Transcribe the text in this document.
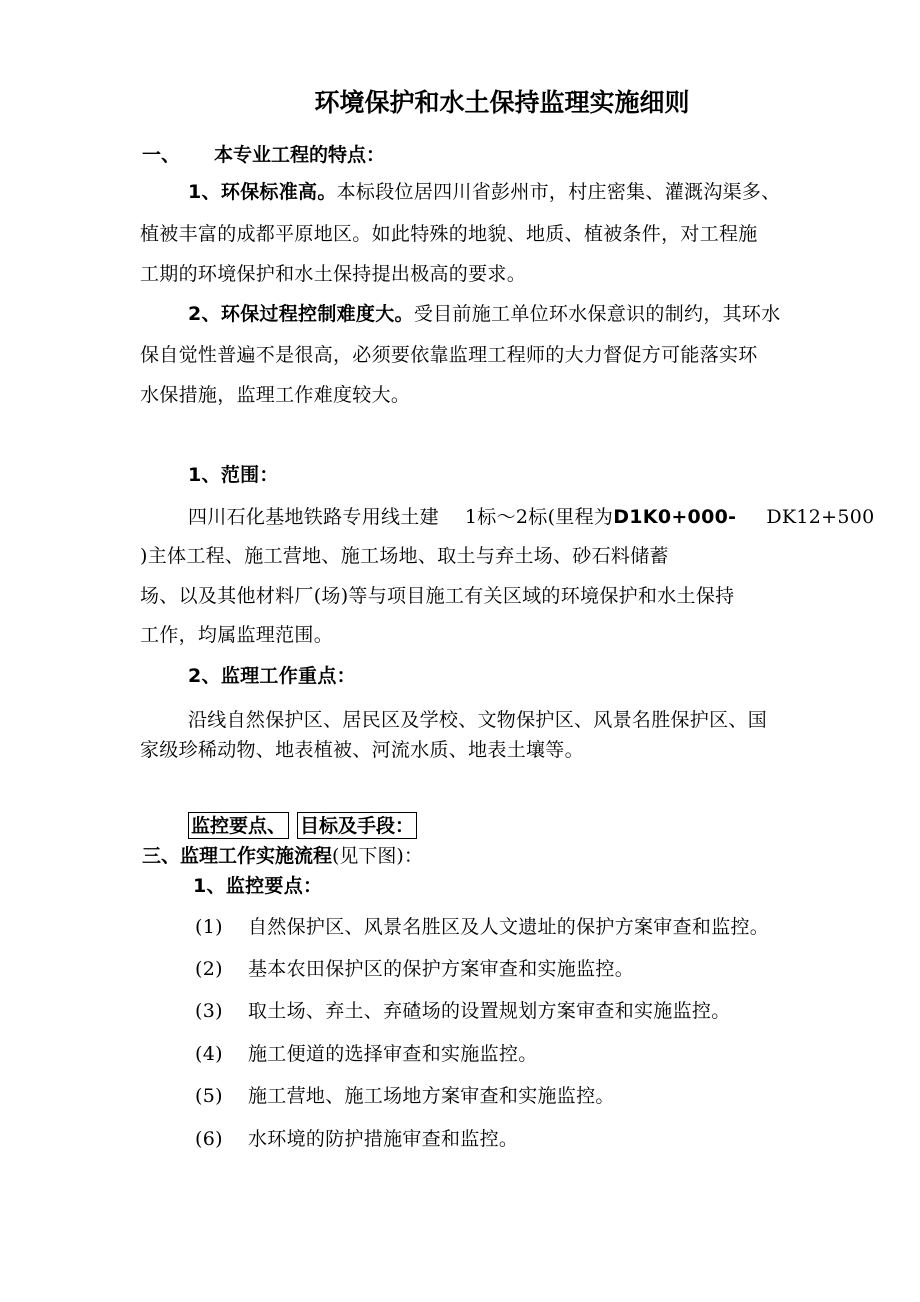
环境保护和水土保持监理实施细则
一、 本专业工程的特点：
1、环保标准高。本标段位居四川省彭州市，村庄密集、灌溉沟渠多、
植被丰富的成都平原地区。如此特殊的地貌、地质、植被条件，对工程施
工期的环境保护和水土保持提出极高的要求。
2、环保过程控制难度大。受目前施工单位环水保意识的制约，其环水
保自觉性普遍不是很高，必须要依靠监理工程师的大力督促方可能落实环
水保措施，监理工作难度较大。
1、范围：
四川石化基地铁路专用线土建 1标～2标(里程为D1K0+000- DK12+500
)主体工程、施工营地、施工场地、取土与弃土场、砂石料储蓄
场、以及其他材料厂(场)等与项目施工有关区域的环境保护和水土保持
工作，均属监理范围。
2、监理工作重点：
沿线自然保护区、居民区及学校、文物保护区、风景名胜保护区、国
家级珍稀动物、地表植被、河流水质、地表土壤等。
监控要点、 目标及手段：
三、监理工作实施流程(见下图)：
1、监控要点：
(1) 自然保护区、风景名胜区及人文遗址的保护方案审查和监控。
(2) 基本农田保护区的保护方案审查和实施监控。
(3) 取土场、弃土、弃碴场的设置规划方案审查和实施监控。
(4) 施工便道的选择审查和实施监控。
(5) 施工营地、施工场地方案审查和实施监控。
(6) 水环境的防护措施审查和监控。
